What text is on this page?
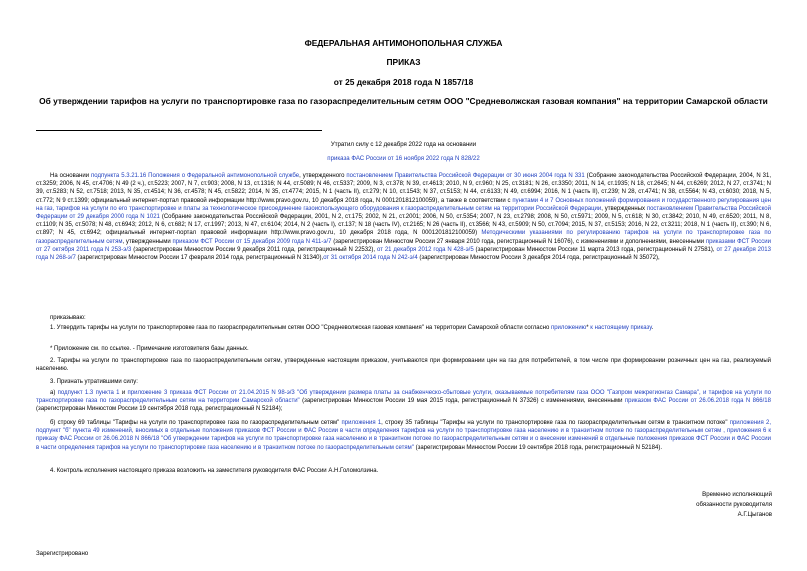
ФЕДЕРАЛЬНАЯ АНТИМОНОПОЛЬНАЯ СЛУЖБА
ПРИКАЗ
от 25 декабря 2018 года N 1857/18
Об утверждении тарифов на услуги по транспортировке газа по газораспределительным сетям ООО "Средневолжская газовая компания" на территории Самарской области
Утратил силу с 12 декабря 2022 года на основании
приказа ФАС России от 16 ноября 2022 года N 828/22
На основании подпункта 5.3.21.16 Положения о Федеральной антимонопольной службе, утвержденного постановлением Правительства Российской Федерации от 30 июня 2004 года N 331 (Собрание законодательства Российской Федерации, 2004, N 31, ст.3259; 2006, N 45, ст.4706; N 49 (2 ч.), ст.5223; 2007, N 7, ст.903; 2008, N 13, ст.1316; N 44, ст.5089; N 46, ст.5337; 2009, N 3, ст.378; N 39, ст.4613; 2010, N 9, ст.960; N 25, ст.3181; N 26, ст.3350; 2011, N 14, ст.1935; N 18, ст.2645; N 44, ст.6269; 2012, N 27, ст.3741; N 39, ст.5283; N 52, ст.7518; 2013, N 35, ст.4514; N 36, ст.4578; N 45, ст.5822; 2014, N 35, ст.4774; 2015, N 1 (часть II), ст.279; N 10, ст.1543; N 37, ст.5153; N 44, ст.6133; N 49, ст.6994; 2016, N 1 (часть II), ст.239; N 28, ст.4741; N 38, ст.5564; N 43, ст.6030; 2018, N 5, ст.772; N 9 ст.1399; официальный интернет-портал правовой информации http://www.pravo.gov.ru, 10 декабря 2018 года, N 0001201812100059), а также в соответствии с пунктами 4 и 7 Основных положений формирования и государственного регулирования цен на газ, тарифов на услуги по его транспортировке и платы за технологическое присоединение газоиспользующего оборудования к газораспределительным сетям на территории Российской Федерации, утвержденных постановлением Правительства Российской Федерации от 29 декабря 2000 года N 1021 (Собрание законодательства Российской Федерации, 2001, N 2, ст.175; 2002, N 21, ст.2001; 2006, N 50, ст.5354; 2007, N 23, ст.2798; 2008, N 50, ст.5971; 2009, N 5, ст.618; N 30, ст.3842; 2010, N 49, ст.6520; 2011, N 8, ст.1109; N 35, ст.5078; N 48, ст.6943; 2012, N 6, ст.682; N 17, ст.1997; 2013, N 47, ст.6104; 2014, N 2 (часть I), ст.137; N 18 (часть IV), ст.2165; N 26 (часть II), ст.3566; N 43, ст.5909; N 50, ст.7094; 2015, N 37, ст.5153; 2016, N 22, ст.3211; 2018, N 1 (часть II), ст.390; N 6, ст.897; N 45, ст.6942; официальный интернет-портал правовой информации http://www.pravo.gov.ru, 10 декабря 2018 года, N 0001201812100059) Методическими указаниями по регулированию тарифов на услуги по транспортировке газа по газораспределительным сетям, утвержденными приказом ФСТ России от 15 декабря 2009 года N 411-э/7 (зарегистрирован Минюстом России 27 января 2010 года, регистрационный N 16076), с изменениями и дополнениями, внесенными приказами ФСТ России от 27 октября 2011 года N 253-э/3 (зарегистрирован Минюстом России 9 декабря 2011 года, регистрационный N 22532), от 21 декабря 2012 года N 428-э/5 (зарегистрирован Минюстом России 11 марта 2013 года, регистрационный N 27581), от 27 декабря 2013 года N 268-э/7 (зарегистрирован Минюстом России 17 февраля 2014 года, регистрационный N 31340),от 31 октября 2014 года N 242-э/4 (зарегистрирован Минюстом России 3 декабря 2014 года, регистрационный N 35072),
приказываю:
1. Утвердить тарифы на услуги по транспортировке газа по газораспределительным сетям ООО "Средневолжская газовая компания" на территории Самарской области согласно приложению* к настоящему приказу.
* Приложение см. по ссылке. - Примечание изготовителя базы данных.
2. Тарифы на услуги по транспортировке газа по газораспределительным сетям, утвержденные настоящим приказом, учитываются при формировании цен на газ для потребителей, в том числе при формировании розничных цен на газ, реализуемый населению.
3. Признать утратившими силу:
а) подпункт 1.3 пункта 1 и приложение 3 приказа ФСТ России от 21.04.2015 N 98-э/3 "Об утверждении размера платы за снабженческо-сбытовые услуги, оказываемые потребителям газа ООО "Газпром межрегионгаз Самара", и тарифов на услуги по транспортировке газа по газораспределительным сетям на территории Самарской области" (зарегистрирован Минюстом России 19 мая 2015 года, регистрационный N 37326) с изменениями, внесенными приказом ФАС России от 26.06.2018 года N 866/18 (зарегистрирован Минюстом России 19 сентября 2018 года, регистрационный N 52184);
б) строку 69 таблицы "Тарифы на услуги по транспортировке газа по газораспределительным сетям" приложения 1, строку 35 таблицы "Тарифы на услуги по транспортировке газа по газораспределительным сетям в транзитном потоке" приложения 2, подпункт "б" пункта 49 изменений, вносимых в отдельные положения приказов ФСТ России и ФАС России в части определения тарифов на услуги по транспортировке газа населению и в транзитном потоке по газораспределительным сетям , приложения 6 к приказу ФАС России от 26.06.2018 N 866/18 "Об утверждении тарифов на услуги по транспортировке газа населению и в транзитном потоке по газораспределительным сетям и о внесении изменений в отдельные положения приказов ФСТ России и ФАС России в части определения тарифов на услуги по транспортировке газа населению и в транзитном потоке по газораспределительным сетям" (зарегистрирован Минюстом России 19 сентября 2018 года, регистрационный N 52184).
4. Контроль исполнения настоящего приказа возложить на заместителя руководителя ФАС России А.Н.Голомолзина.
Временно исполняющий
обязанности руководителя
А.Г.Цыганов
Зарегистрировано
